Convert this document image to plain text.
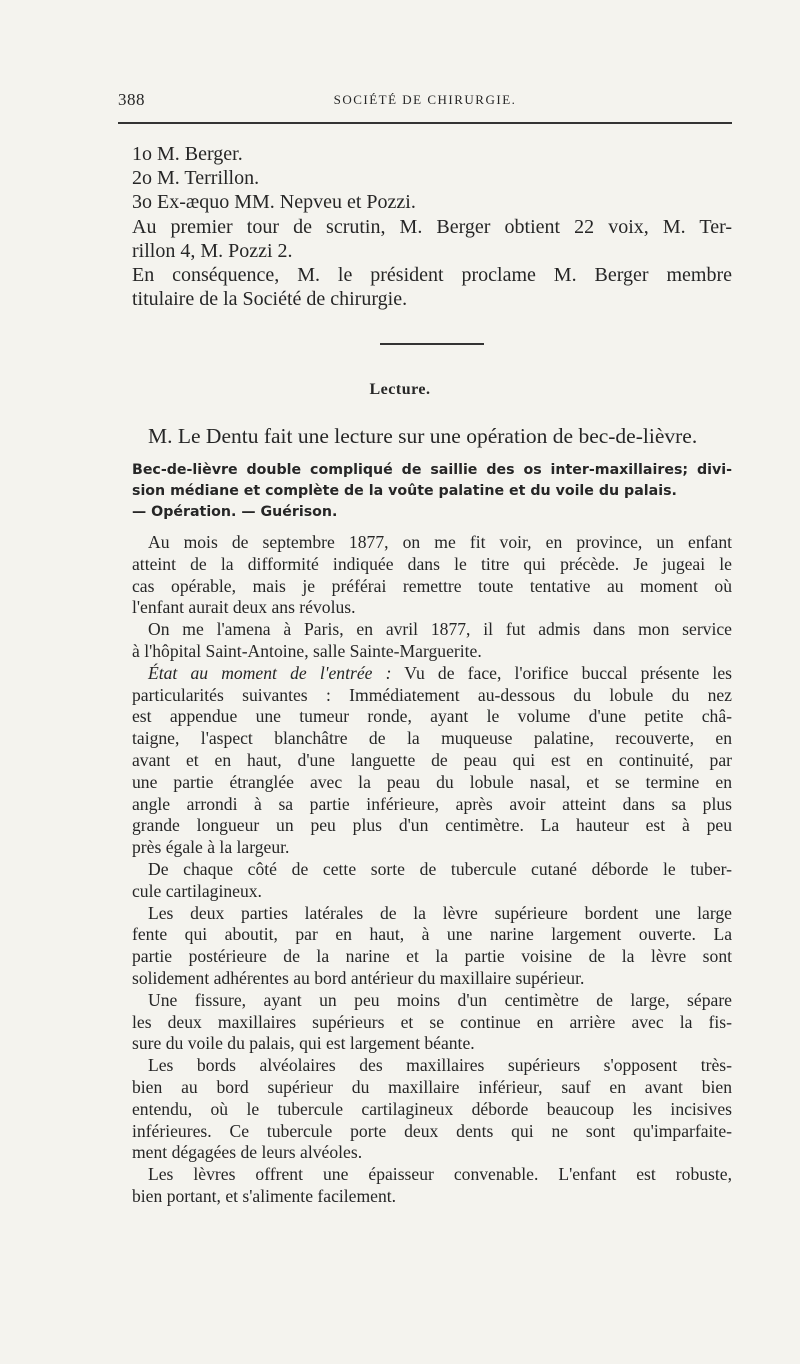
388	SOCIÉTÉ DE CHIRURGIE.
1o M. Berger.
2o M. Terrillon.
3o Ex-æquo MM. Nepveu et Pozzi.
Au premier tour de scrutin, M. Berger obtient 22 voix, M. Ter-
rillon 4, M. Pozzi 2.
En conséquence, M. le président proclame M. Berger membre
titulaire de la Société de chirurgie.
Lecture.
M. Le Dentu fait une lecture sur une opération de bec-de-lièvre.
Bec-de-lièvre double compliqué de saillie des os inter-maxillaires; divi-
sion médiane et complète de la voûte palatine et du voile du palais.
— Opération. — Guérison.
Au mois de septembre 1877, on me fit voir, en province, un enfant
atteint de la difformité indiquée dans le titre qui précède. Je jugeai le
cas opérable, mais je préférai remettre toute tentative au moment où
l'enfant aurait deux ans révolus.
On me l'amena à Paris, en avril 1877, il fut admis dans mon service
à l'hôpital Saint-Antoine, salle Sainte-Marguerite.
État au moment de l'entrée : Vu de face, l'orifice buccal présente les
particularités suivantes : Immédiatement au-dessous du lobule du nez
est appendue une tumeur ronde, ayant le volume d'une petite châ-
taigne, l'aspect blanchâtre de la muqueuse palatine, recouverte, en
avant et en haut, d'une languette de peau qui est en continuité, par
une partie étranglée avec la peau du lobule nasal, et se termine en
angle arrondi à sa partie inférieure, après avoir atteint dans sa plus
grande longueur un peu plus d'un centimètre. La hauteur est à peu
près égale à la largeur.
De chaque côté de cette sorte de tubercule cutané déborde le tuber-
cule cartilagineux.
Les deux parties latérales de la lèvre supérieure bordent une large
fente qui aboutit, par en haut, à une narine largement ouverte. La
partie postérieure de la narine et la partie voisine de la lèvre sont
solidement adhérentes au bord antérieur du maxillaire supérieur.
Une fissure, ayant un peu moins d'un centimètre de large, sépare
les deux maxillaires supérieurs et se continue en arrière avec la fis-
sure du voile du palais, qui est largement béante.
Les bords alvéolaires des maxillaires supérieurs s'opposent très-
bien au bord supérieur du maxillaire inférieur, sauf en avant bien
entendu, où le tubercule cartilagineux déborde beaucoup les incisives
inférieures. Ce tubercule porte deux dents qui ne sont qu'imparfaite-
ment dégagées de leurs alvéoles.
Les lèvres offrent une épaisseur convenable. L'enfant est robuste,
bien portant, et s'alimente facilement.
